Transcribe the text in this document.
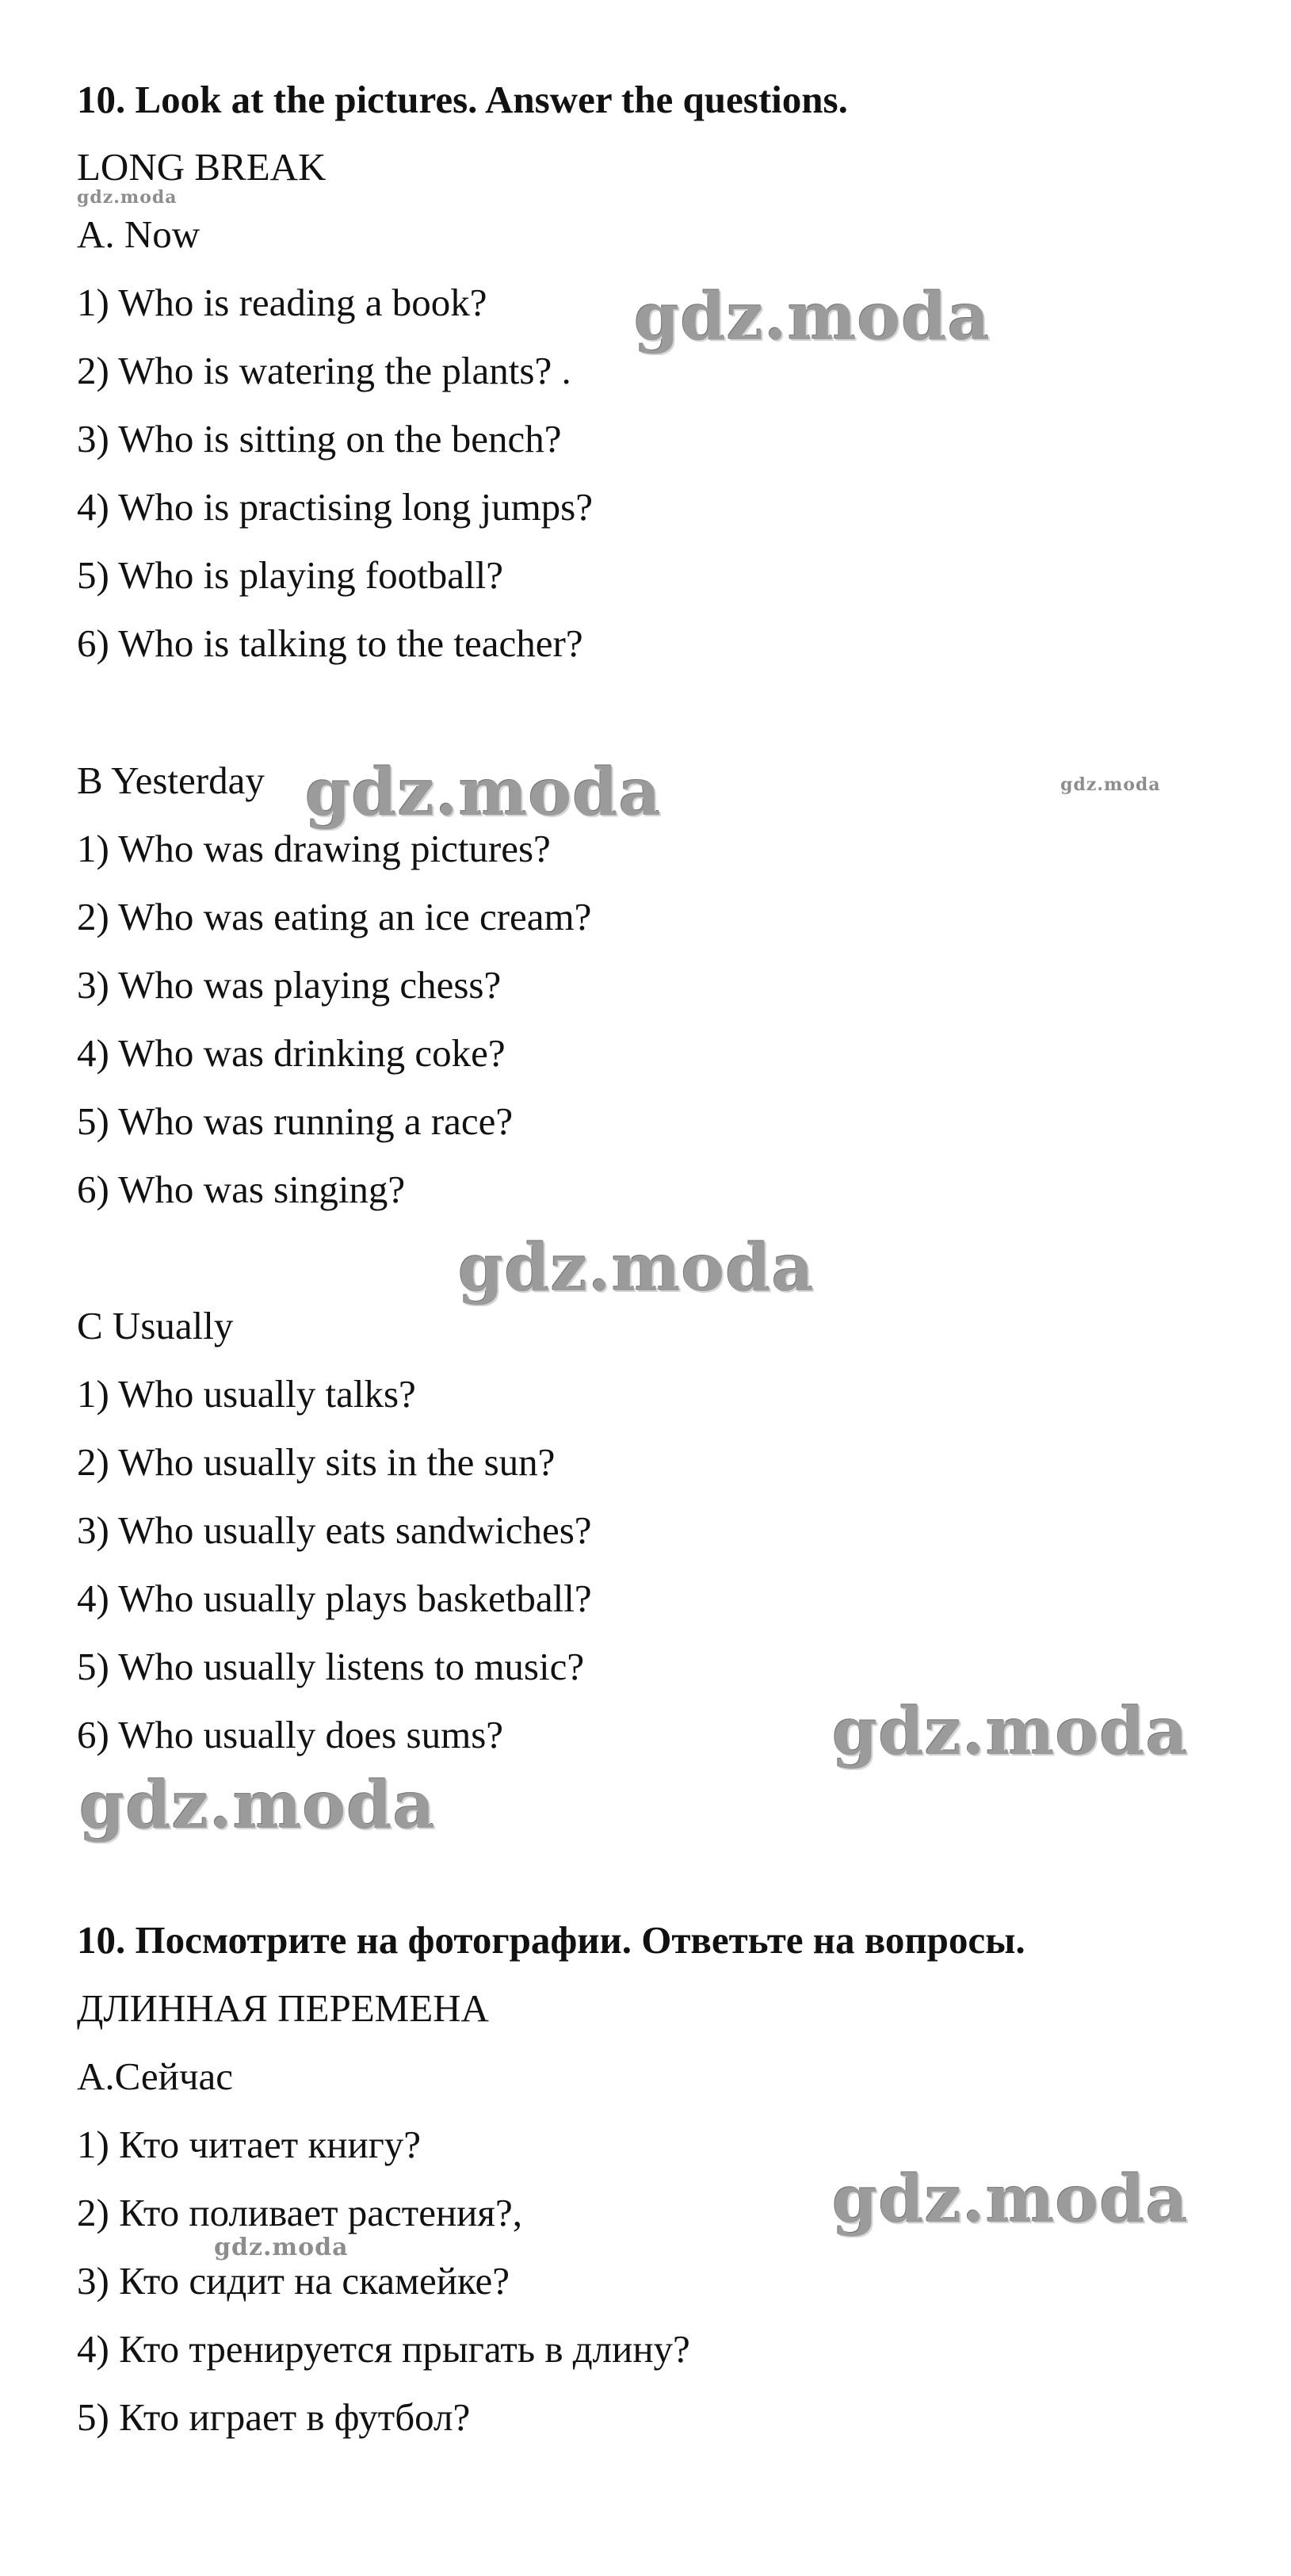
10. Look at the pictures. Answer the questions.
LONG BREAK
A. Now
1) Who is reading a book?
2) Who is watering the plants? .
3) Who is sitting on the bench?
4) Who is practising long jumps?
5) Who is playing football?
6) Who is talking to the teacher?
B Yesterday
1) Who was drawing pictures?
2) Who was eating an ice cream?
3) Who was playing chess?
4) Who was drinking coke?
5) Who was running a race?
6) Who was singing?
C Usually
1) Who usually talks?
2) Who usually sits in the sun?
3) Who usually eats sandwiches?
4) Who usually plays basketball?
5) Who usually listens to music?
6) Who usually does sums?
10. Посмотрите на фотографии. Ответьте на вопросы.
ДЛИННАЯ ПЕРЕМЕНА
А.Сейчас
1) Кто читает книгу?
2) Кто поливает растения?,
3) Кто сидит на скамейке?
4) Кто тренируется прыгать в длину?
5) Кто играет в футбол?
gdz.moda
gdz.moda
gdz.moda	gdz.moda
gdz.moda
gdz.moda
gdz.moda
gdz.moda
gdz.moda
